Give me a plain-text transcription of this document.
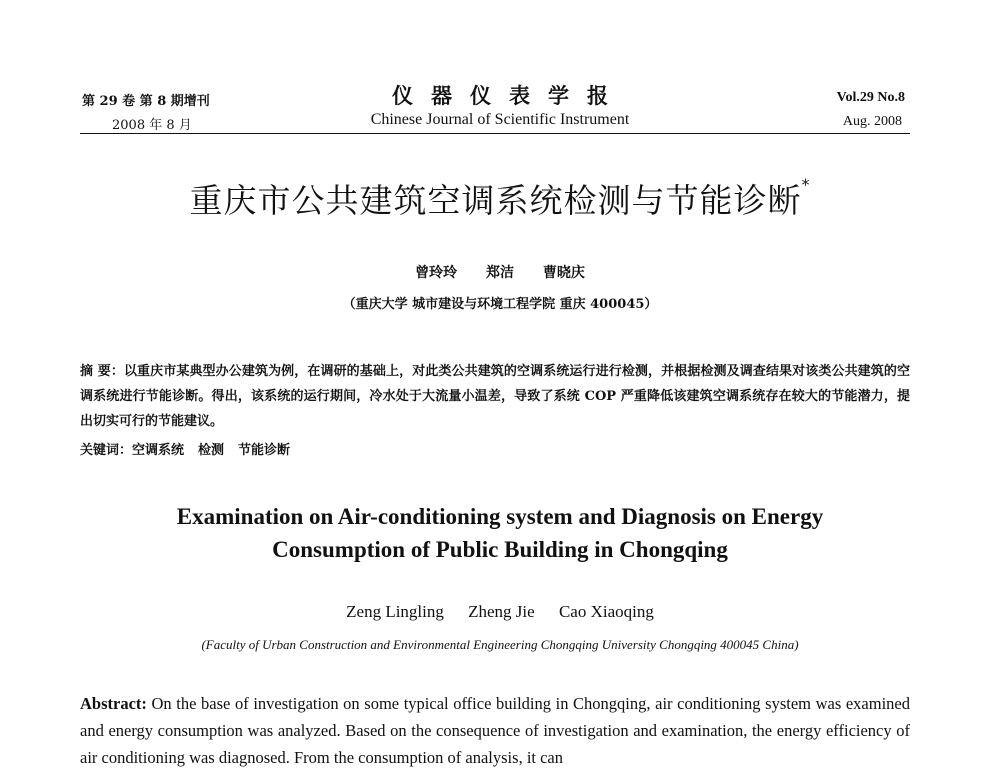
第 29 卷 第 8 期增刊
2008 年 8 月
仪器仪表学报
Chinese Journal of Scientific Instrument
Vol.29 No.8
Aug. 2008
重庆市公共建筑空调系统检测与节能诊断*
曾玲玲 郑洁 曹晓庆
（重庆大学 城市建设与环境工程学院 重庆 400045）
摘 要：以重庆市某典型办公建筑为例，在调研的基础上，对此类公共建筑的空调系统运行进行检测，并根据检测及调查结果对该类公共建筑的空调系统进行节能诊断。得出，该系统的运行期间，冷水处于大流量小温差，导致了系统 COP 严重降低该建筑空调系统存在较大的节能潜力，提出切实可行的节能建议。
关键词：空调系统 检测 节能诊断
Examination on Air-conditioning system and Diagnosis on Energy Consumption of Public Building in Chongqing
Zeng Lingling Zheng Jie Cao Xiaoqing
(Faculty of Urban Construction and Environmental Engineering Chongqing University Chongqing 400045 China)
Abstract: On the base of investigation on some typical office building in Chongqing, air conditioning system was examined and energy consumption was analyzed. Based on the consequence of investigation and examination, the energy efficiency of air conditioning was diagnosed. From the consumption of analysis, it can
